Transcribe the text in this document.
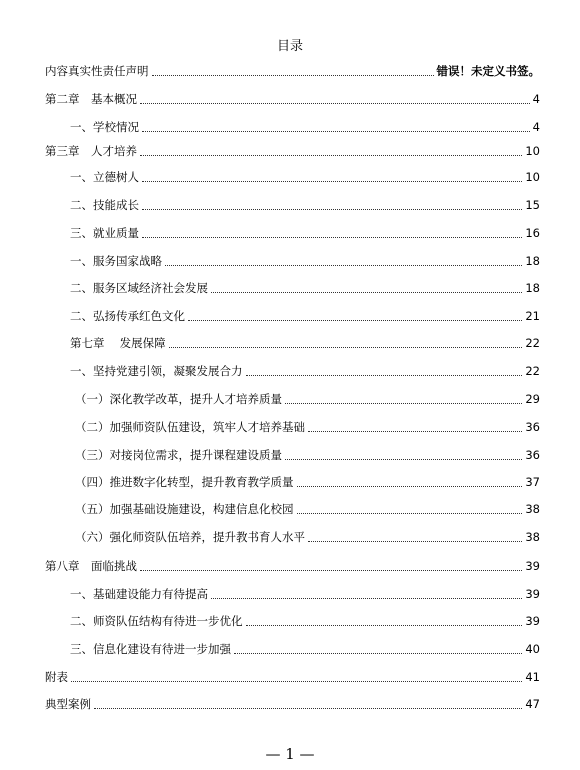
目录
内容真实性责任声明	错误！未定义书签。
第二章　基本概况	4
一、学校情况	4
第三章　人才培养	10
一、立德树人	10
二、技能成长	15
三、就业质量	16
一、服务国家战略	18
二、服务区域经济社会发展	18
二、弘扬传承红色文化	21
第七章　 发展保障	22
一、坚持党建引领，凝聚发展合力	22
（一）深化教学改革，提升人才培养质量	29
（二）加强师资队伍建设，筑牢人才培养基础	36
（三）对接岗位需求，提升课程建设质量	36
（四）推进数字化转型，提升教育教学质量	37
（五）加强基础设施建设，构建信息化校园	38
（六）强化师资队伍培养，提升教书育人水平	38
第八章　面临挑战	39
一、基础建设能力有待提高	39
二、师资队伍结构有待进一步优化	39
三、信息化建设有待进一步加强	40
附表	41
典型案例	47
— 1 —
